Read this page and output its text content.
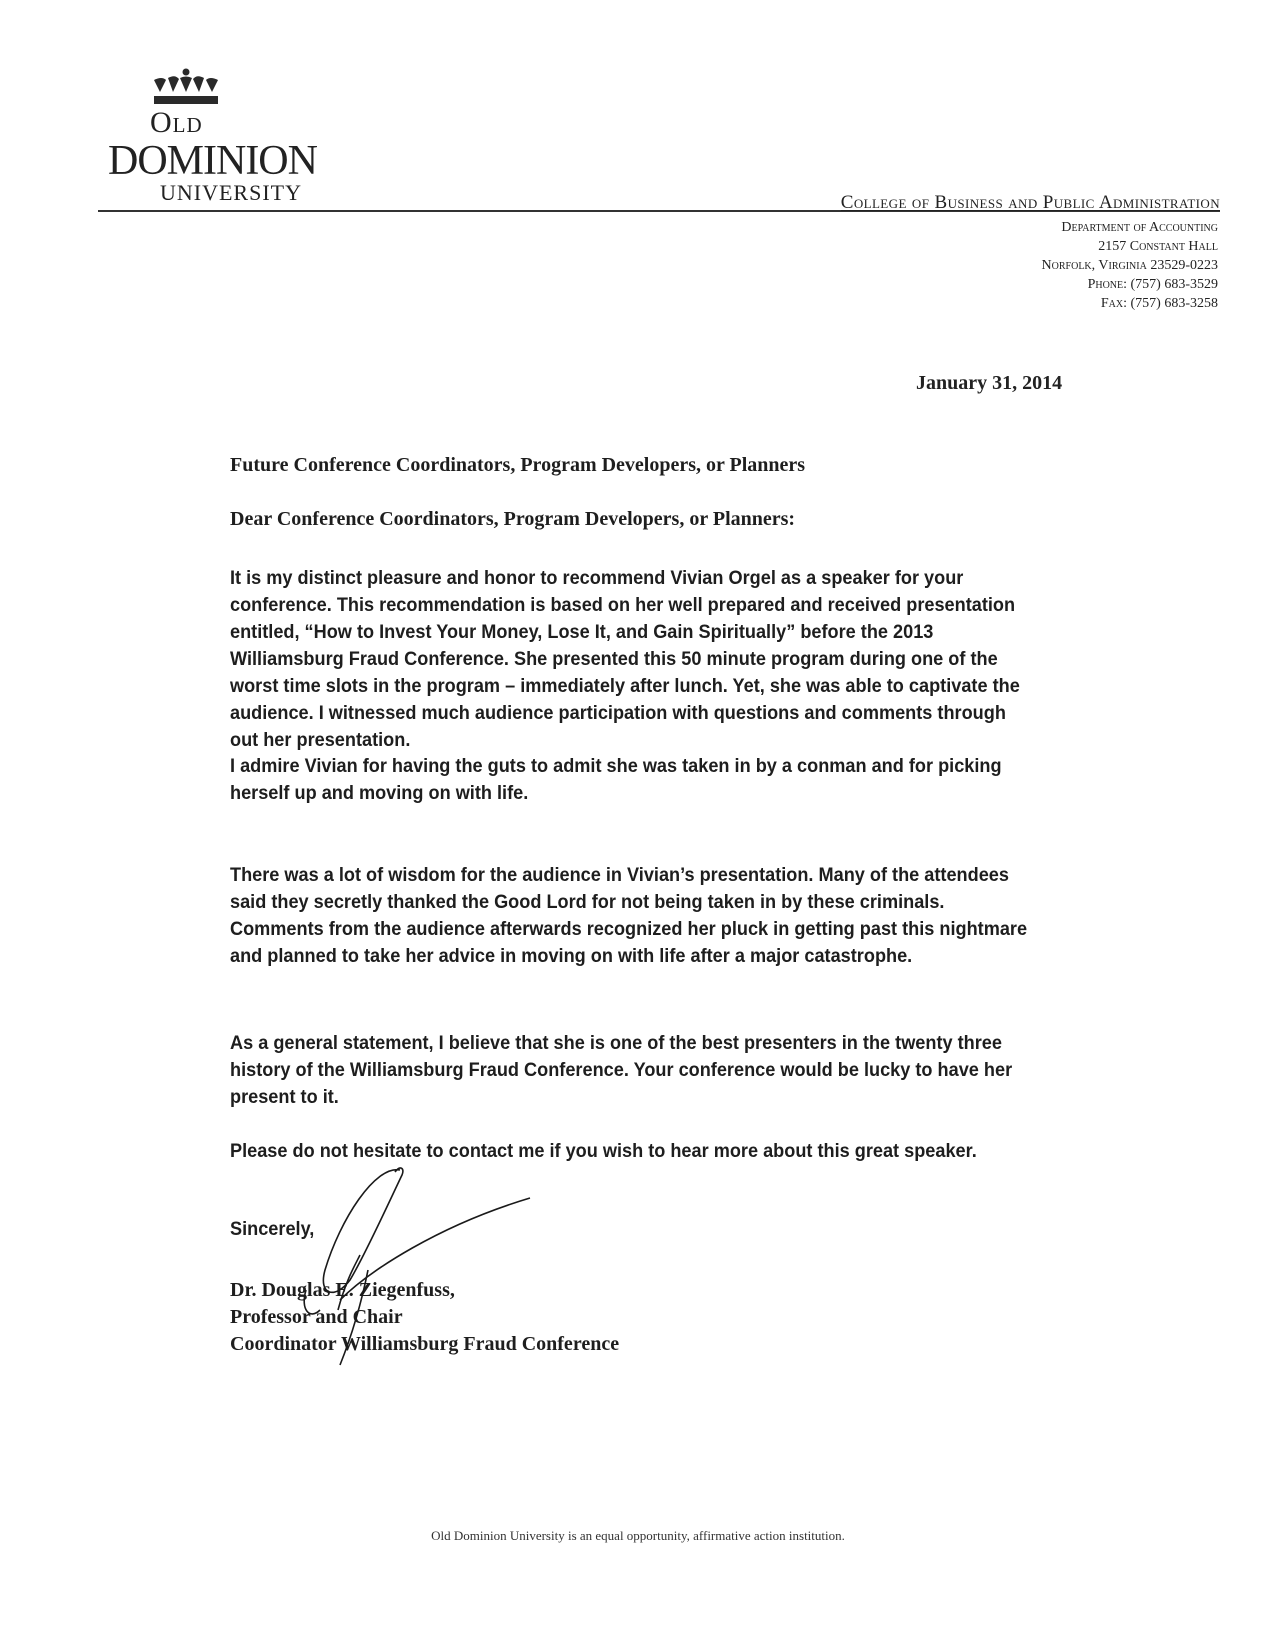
Old
DOMINION
UNIVERSITY	College of Business and Public Administration
Department of Accounting
2157 Constant Hall
Norfolk, Virginia 23529-0223
Phone: (757) 683-3529
Fax: (757) 683-3258
January 31, 2014
Future Conference Coordinators, Program Developers, or Planners
Dear Conference Coordinators, Program Developers, or Planners:

It is my distinct pleasure and honor to recommend Vivian Orgel as a speaker for your conference. This recommendation is based on her well prepared and received presentation entitled, “How to Invest Your Money, Lose It, and Gain Spiritually” before the 2013 Williamsburg Fraud Conference. She presented this 50 minute program during one of the worst time slots in the program – immediately after lunch. Yet, she was able to captivate the audience. I witnessed much audience participation with questions and comments through out her presentation.

I admire Vivian for having the guts to admit she was taken in by a conman and for picking herself up and moving on with life.

There was a lot of wisdom for the audience in Vivian’s presentation. Many of the attendees said they secretly thanked the Good Lord for not being taken in by these criminals. Comments from the audience afterwards recognized her pluck in getting past this nightmare and planned to take her advice in moving on with life after a major catastrophe.

As a general statement, I believe that she is one of the best presenters in the twenty three history of the Williamsburg Fraud Conference. Your conference would be lucky to have her present to it.

Please do not hesitate to contact me if you wish to hear more about this great speaker.

Sincerely,
Dr. Douglas E. Ziegenfuss,
Professor and Chair
Coordinator Williamsburg Fraud Conference
Old Dominion University is an equal opportunity, affirmative action institution.
